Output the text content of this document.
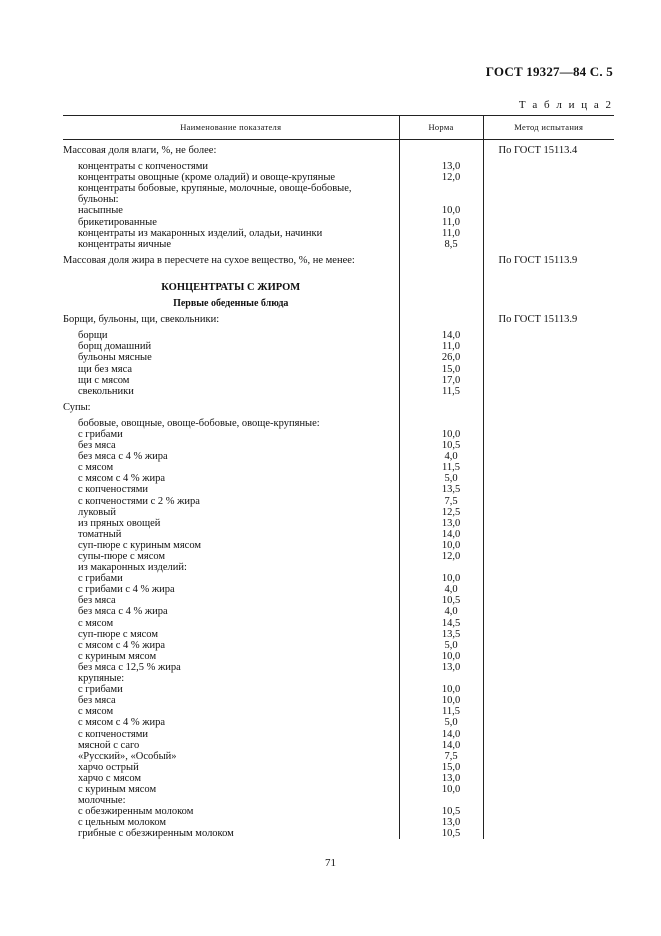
ГОСТ 19327—84 С. 5
Т а б л и ц а 2
Наименование показателя	Норма	Метод испытания

Массовая доля влаги, %, не более:		По ГОСТ 15113.4

концентраты с копченостями	13,0	
концентраты овощные (кроме оладий) и овоще-крупяные	12,0	
концентраты бобовые, крупяные, молочные, овоще-бобовые,		
бульоны:		
насыпные	10,0	
брикетированные	11,0	
концентраты из макаронных изделий, оладьи, начинки	11,0	
концентраты яичные	8,5	

Массовая доля жира в пересчете на сухое вещество, %, не менее:		По ГОСТ 15113.9

КОНЦЕНТРАТЫ С ЖИРОМ		

Первые обеденные блюда		

Борщи, бульоны, щи, свекольники:		По ГОСТ 15113.9

борщи	14,0	
борщ домашний	11,0	
бульоны мясные	26,0	
щи без мяса	15,0	
щи с мясом	17,0	
свекольники	11,5	

Супы:		

бобовые, овощные, овоще-бобовые, овоще-крупяные:		
с грибами	10,0	
без мяса	10,5	
без мяса с 4 % жира	4,0	
с мясом	11,5	
с мясом с 4 % жира	5,0	
с копченостями	13,5	
с копченостями с 2 % жира	7,5	
луковый	12,5	
из пряных овощей	13,0	
томатный	14,0	
суп-пюре с куриным мясом	10,0	
супы-пюре с мясом	12,0	
из макаронных изделий:		
с грибами	10,0	
с грибами с 4 % жира	4,0	
без мяса	10,5	
без мяса с 4 % жира	4,0	
с мясом	14,5	
суп-пюре с мясом	13,5	
с мясом с 4 % жира	5,0	
с куриным мясом	10,0	
без мяса с 12,5 % жира	13,0	
крупяные:		
с грибами	10,0	
без мяса	10,0	
с мясом	11,5	
с мясом с 4 % жира	5,0	
с копченостями	14,0	
мясной с саго	14,0	
«Русский», «Особый»	7,5	
харчо острый	15,0	
харчо с мясом	13,0	
с куриным мясом	10,0	
молочные:		
с обезжиренным молоком	10,5	
с цельным молоком	13,0	
грибные с обезжиренным молоком	10,5	
71
